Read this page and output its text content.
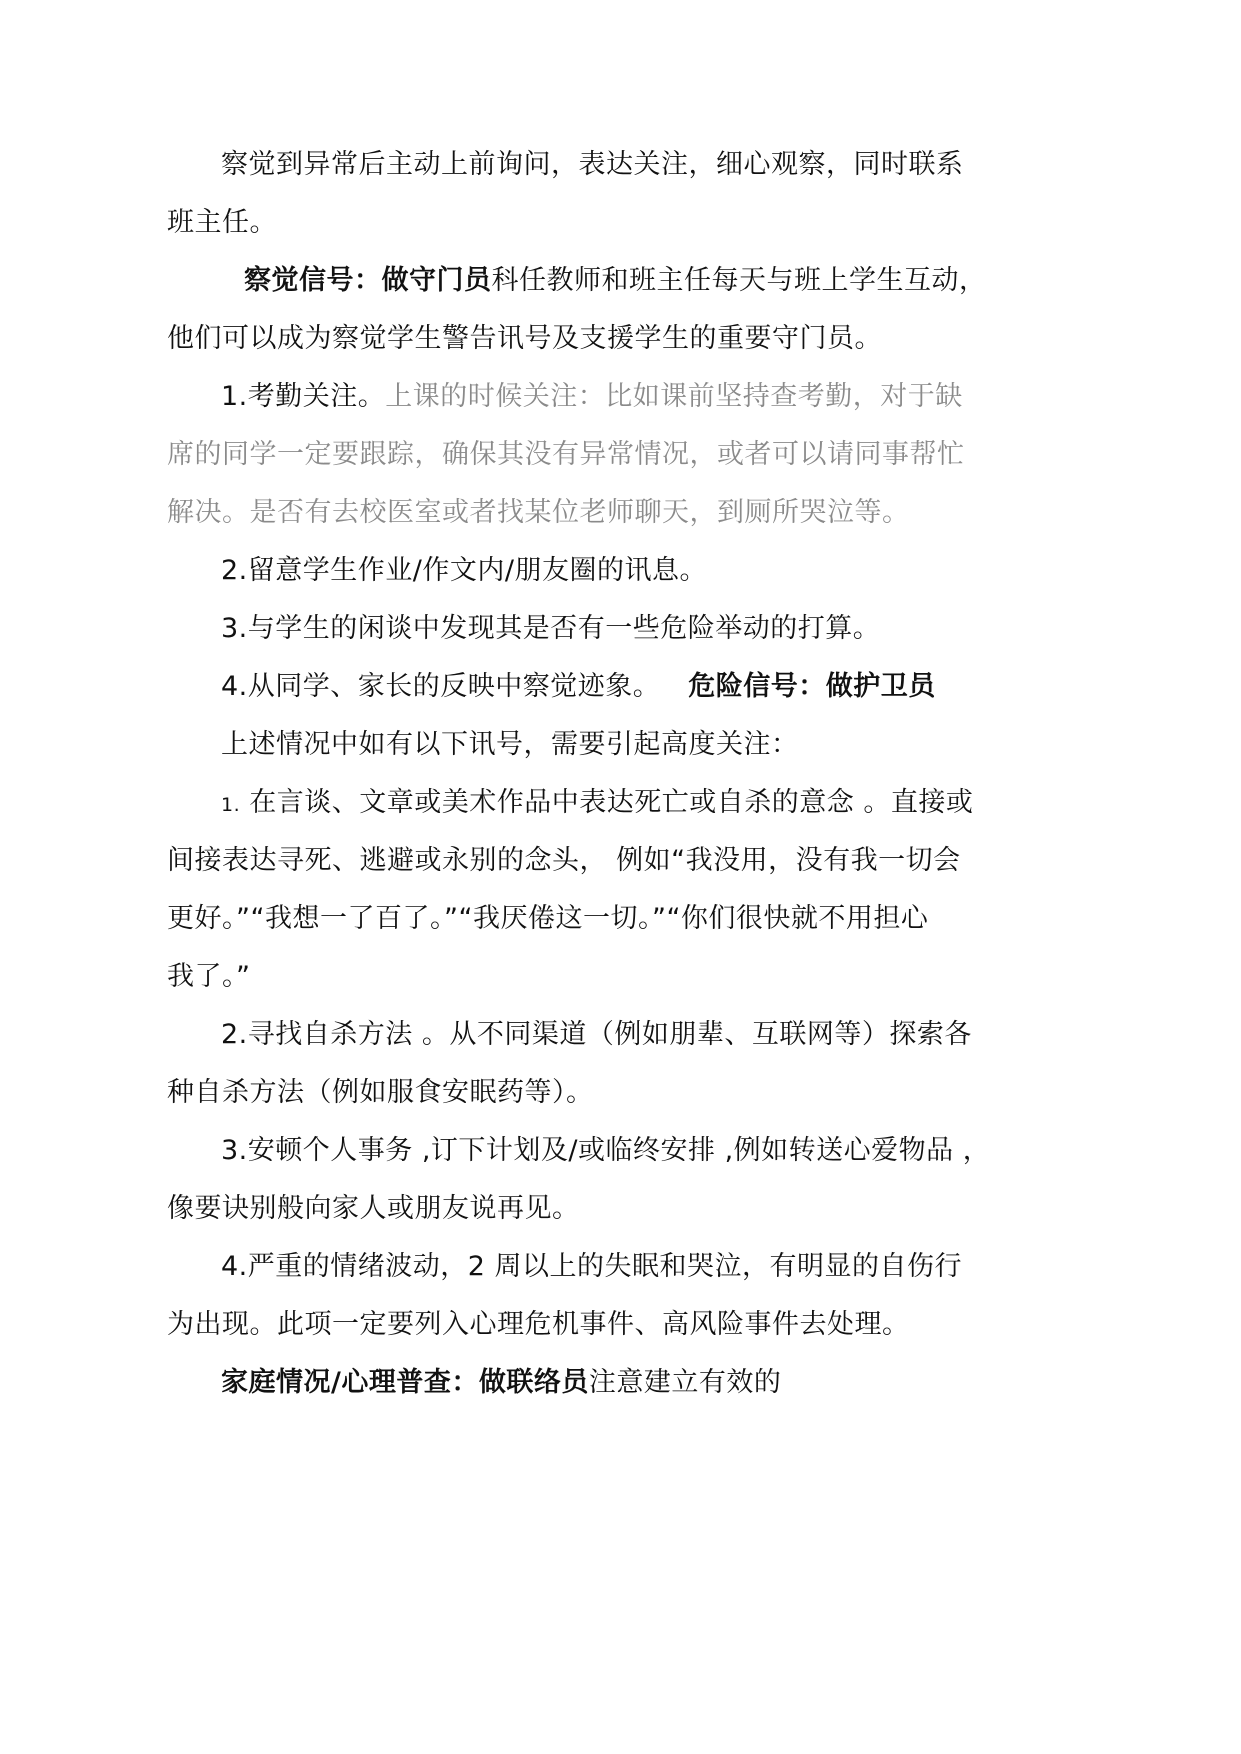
察觉到异常后主动上前询问，表达关注，细心观察，同时联系
班主任。
察觉信号：做守门员科任教师和班主任每天与班上学生互动，
他们可以成为察觉学生警告讯号及支援学生的重要守门员。
1.考勤关注。上课的时候关注：比如课前坚持查考勤，对于缺
席的同学一定要跟踪，确保其没有异常情况，或者可以请同事帮忙
解决。是否有去校医室或者找某位老师聊天，到厕所哭泣等。
2.留意学生作业/作文内/朋友圈的讯息。
3.与学生的闲谈中发现其是否有一些危险举动的打算。
4.从同学、家长的反映中察觉迹象。 危险信号：做护卫员
上述情况中如有以下讯号，需要引起高度关注：
1. 在言谈、文章或美术作品中表达死亡或自杀的意念 。直接或
间接表达寻死、逃避或永别的念头， 例如“我没用，没有我一切会
更好。”“我想一了百了。”“我厌倦这一切。”“你们很快就不用担心
我了。”
2.寻找自杀方法 。从不同渠道（例如朋辈、互联网等）探索各
种自杀方法（例如服食安眠药等）。
3.安顿个人事务 ,订下计划及/或临终安排 ,例如转送心爱物品 ，
像要诀别般向家人或朋友说再见。
4.严重的情绪波动，2 周以上的失眠和哭泣，有明显的自伤行
为出现。此项一定要列入心理危机事件、高风险事件去处理。
家庭情况/心理普查：做联络员注意建立有效的
